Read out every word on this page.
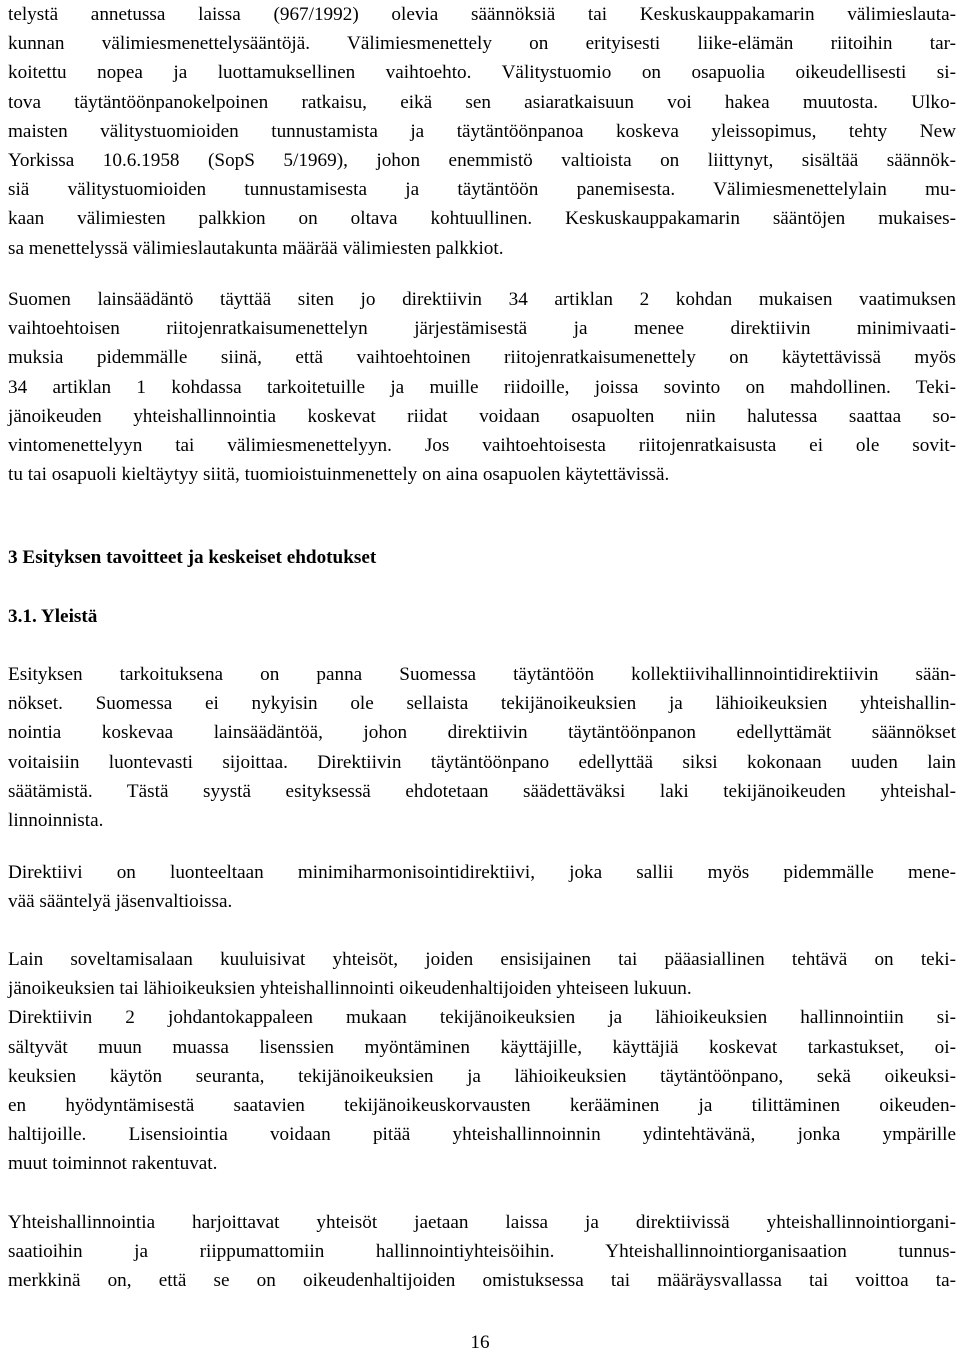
telystä annetussa laissa (967/1992) olevia säännöksiä tai Keskuskauppakamarin välimieslauta-
kunnan välimiesmenettelysääntöjä. Välimiesmenettely on erityisesti liike-elämän riitoihin tar-
koitettu nopea ja luottamuksellinen vaihtoehto. Välitystuomio on osapuolia oikeudellisesti si-
tova täytäntöönpanokelpoinen ratkaisu, eikä sen asiaratkaisuun voi hakea muutosta. Ulko-
maisten välitystuomioiden tunnustamista ja täytäntöönpanoa koskeva yleissopimus, tehty New
Yorkissa 10.6.1958 (SopS 5/1969), johon enemmistö valtioista on liittynyt, sisältää säännök-
siä välitystuomioiden tunnustamisesta ja täytäntöön panemisesta. Välimiesmenettelylain mu-
kaan välimiesten palkkion on oltava kohtuullinen. Keskuskauppakamarin sääntöjen mukaises-
sa menettelyssä välimieslautakunta määrää välimiesten palkkiot.

Suomen lainsäädäntö täyttää siten jo direktiivin 34 artiklan 2 kohdan mukaisen vaatimuksen
vaihtoehtoisen riitojenratkaisumenettelyn järjestämisestä ja menee direktiivin minimivaati-
muksia pidemmälle siinä, että vaihtoehtoinen riitojenratkaisumenettely on käytettävissä myös
34 artiklan 1 kohdassa tarkoitetuille ja muille riidoille, joissa sovinto on mahdollinen. Teki-
jänoikeuden yhteishallinnointia koskevat riidat voidaan osapuolten niin halutessa saattaa so-
vintomenettelyyn tai välimiesmenettelyyn. Jos vaihtoehtoisesta riitojenratkaisusta ei ole sovit-
tu tai osapuoli kieltäytyy siitä, tuomioistuinmenettely on aina osapuolen käytettävissä.

3 Esityksen tavoitteet ja keskeiset ehdotukset
3.1. Yleistä

Esityksen tarkoituksena on panna Suomessa täytäntöön kollektiivihallinnointidirektiivin sään-
nökset. Suomessa ei nykyisin ole sellaista tekijänoikeuksien ja lähioikeuksien yhteishallin-
nointia koskevaa lainsäädäntöä, johon direktiivin täytäntöönpanon edellyttämät säännökset
voitaisiin luontevasti sijoittaa. Direktiivin täytäntöönpano edellyttää siksi kokonaan uuden lain
säätämistä. Tästä syystä esityksessä ehdotetaan säädettäväksi laki tekijänoikeuden yhteishal-
linnoinnista.

Direktiivi on luonteeltaan minimiharmonisointidirektiivi, joka sallii myös pidemmälle mene-
vää sääntelyä jäsenvaltioissa.

Lain soveltamisalaan kuuluisivat yhteisöt, joiden ensisijainen tai pääasiallinen tehtävä on teki-
jänoikeuksien tai lähioikeuksien yhteishallinnointi oikeudenhaltijoiden yhteiseen lukuun.
Direktiivin 2 johdantokappaleen mukaan tekijänoikeuksien ja lähioikeuksien hallinnointiin si-
sältyvät muun muassa lisenssien myöntäminen käyttäjille, käyttäjiä koskevat tarkastukset, oi-
keuksien käytön seuranta, tekijänoikeuksien ja lähioikeuksien täytäntöönpano, sekä oikeuksi-
en hyödyntämisestä saatavien tekijänoikeuskorvausten kerääminen ja tilittäminen oikeuden-
haltijoille. Lisensiointia voidaan pitää yhteishallinnoinnin ydintehtävänä, jonka ympärille
muut toiminnot rakentuvat.

Yhteishallinnointia harjoittavat yhteisöt jaetaan laissa ja direktiivissä yhteishallinnointiorgani-
saatioihin ja riippumattomiin hallinnointiyhteisöihin. Yhteishallinnointiorganisaation tunnus-
merkkinä on, että se on oikeudenhaltijoiden omistuksessa tai määräysvallassa tai voittoa ta-

16
